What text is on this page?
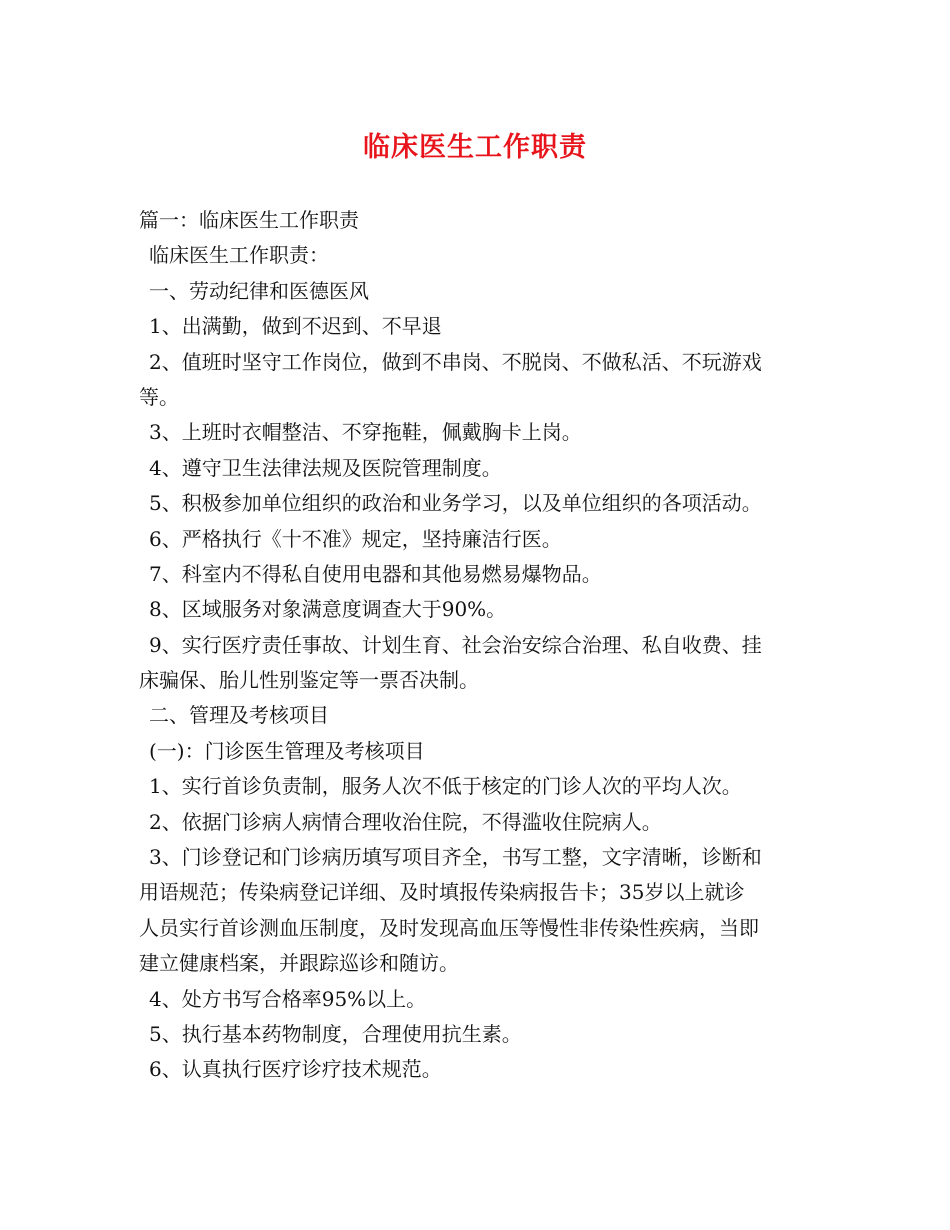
临床医生工作职责
篇一：临床医生工作职责
临床医生工作职责：
一、劳动纪律和医德医风
1、出满勤，做到不迟到、不早退
2、值班时坚守工作岗位，做到不串岗、不脱岗、不做私活、不玩游戏
等。
3、上班时衣帽整洁、不穿拖鞋，佩戴胸卡上岗。
4、遵守卫生法律法规及医院管理制度。
5、积极参加单位组织的政治和业务学习，以及单位组织的各项活动。
6、严格执行《十不准》规定，坚持廉洁行医。
7、科室内不得私自使用电器和其他易燃易爆物品。
8、区域服务对象满意度调查大于90%。
9、实行医疗责任事故、计划生育、社会治安综合治理、私自收费、挂
床骗保、胎儿性别鉴定等一票否决制。
二、管理及考核项目
(一)：门诊医生管理及考核项目
1、实行首诊负责制，服务人次不低于核定的门诊人次的平均人次。
2、依据门诊病人病情合理收治住院，不得滥收住院病人。
3、门诊登记和门诊病历填写项目齐全，书写工整，文字清晰，诊断和
用语规范；传染病登记详细、及时填报传染病报告卡；35岁以上就诊
人员实行首诊测血压制度，及时发现高血压等慢性非传染性疾病，当即
建立健康档案，并跟踪巡诊和随访。
4、处方书写合格率95%以上。
5、执行基本药物制度，合理使用抗生素。
6、认真执行医疗诊疗技术规范。
